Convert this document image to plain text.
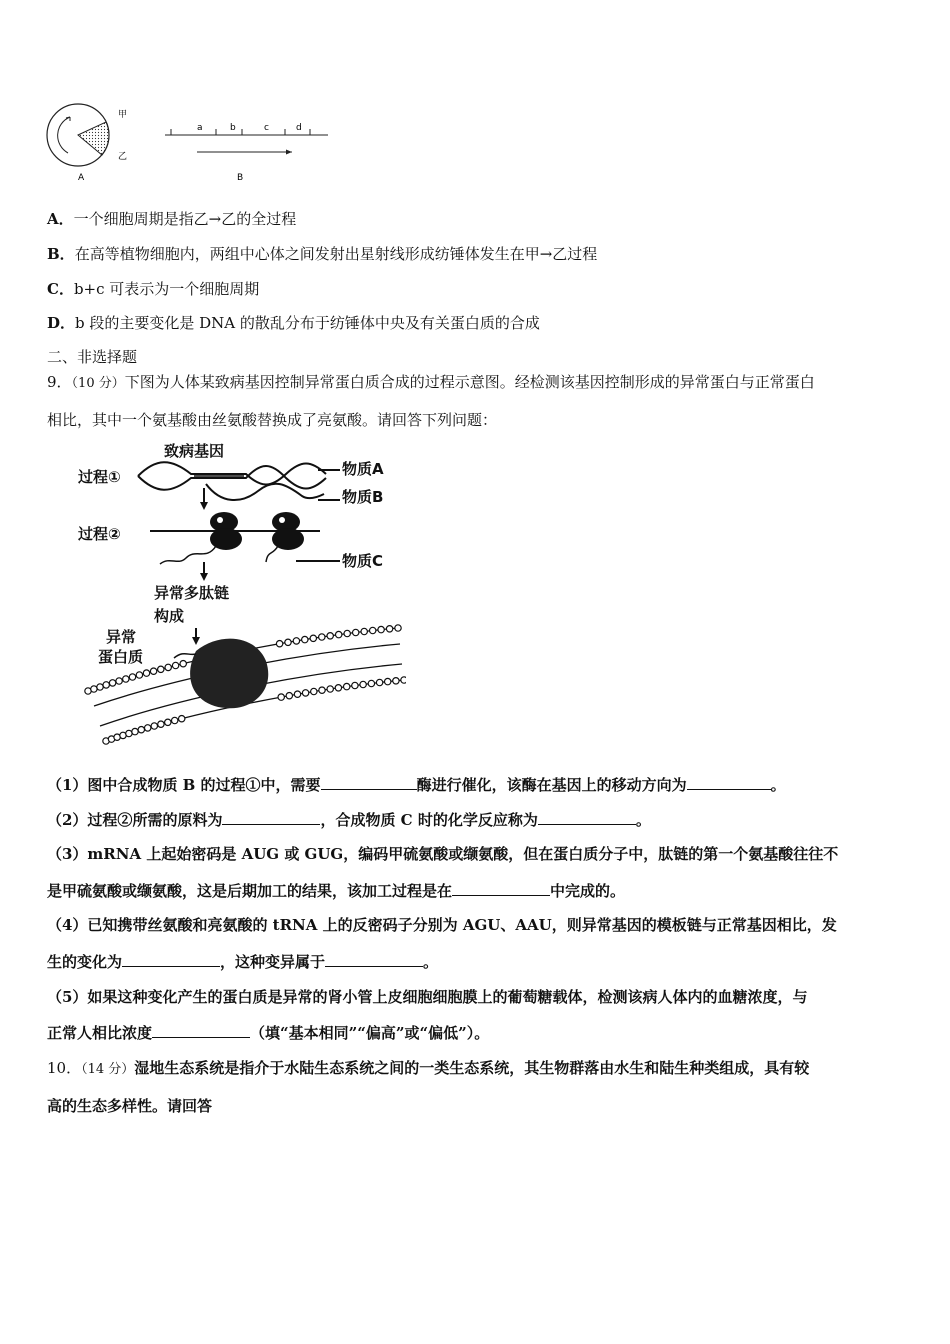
甲
乙
A
a	b	c	d
B
A．一个细胞周期是指乙→乙的全过程
B．在高等植物细胞内，两组中心体之间发射出星射线形成纺锤体发生在甲→乙过程
C．b+c 可表示为一个细胞周期
D．b 段的主要变化是 DNA 的散乱分布于纺锤体中央及有关蛋白质的合成
二、非选择题
9．（10 分）下图为人体某致病基因控制异常蛋白质合成的过程示意图。经检测该基因控制形成的异常蛋白与正常蛋白
相比，其中一个氨基酸由丝氨酸替换成了亮氨酸。请回答下列问题：
致病基因
过程①	物质A
物质B
过程②
物质C
异常多肽链
构成
异常
蛋白质
（1）图中合成物质 B 的过程①中，需要	酶进行催化，该酶在基因上的移动方向为	。
（2）过程②所需的原料为	，合成物质 C 时的化学反应称为	。
（3）mRNA 上起始密码是 AUG 或 GUG，编码甲硫氨酸或缬氨酸，但在蛋白质分子中，肽链的第一个氨基酸往往不
是甲硫氨酸或缬氨酸，这是后期加工的结果，该加工过程是在	中完成的。
（4）已知携带丝氨酸和亮氨酸的 tRNA 上的反密码子分别为 AGU、AAU，则异常基因的模板链与正常基因相比，发
生的变化为	，这种变异属于	。
（5）如果这种变化产生的蛋白质是异常的肾小管上皮细胞细胞膜上的葡萄糖载体，检测该病人体内的血糖浓度，与
正常人相比浓度	（填“基本相同”“偏高”或“偏低”）。
10．（14 分）湿地生态系统是指介于水陆生态系统之间的一类生态系统，其生物群落由水生和陆生种类组成，具有较
高的生态多样性。请回答
